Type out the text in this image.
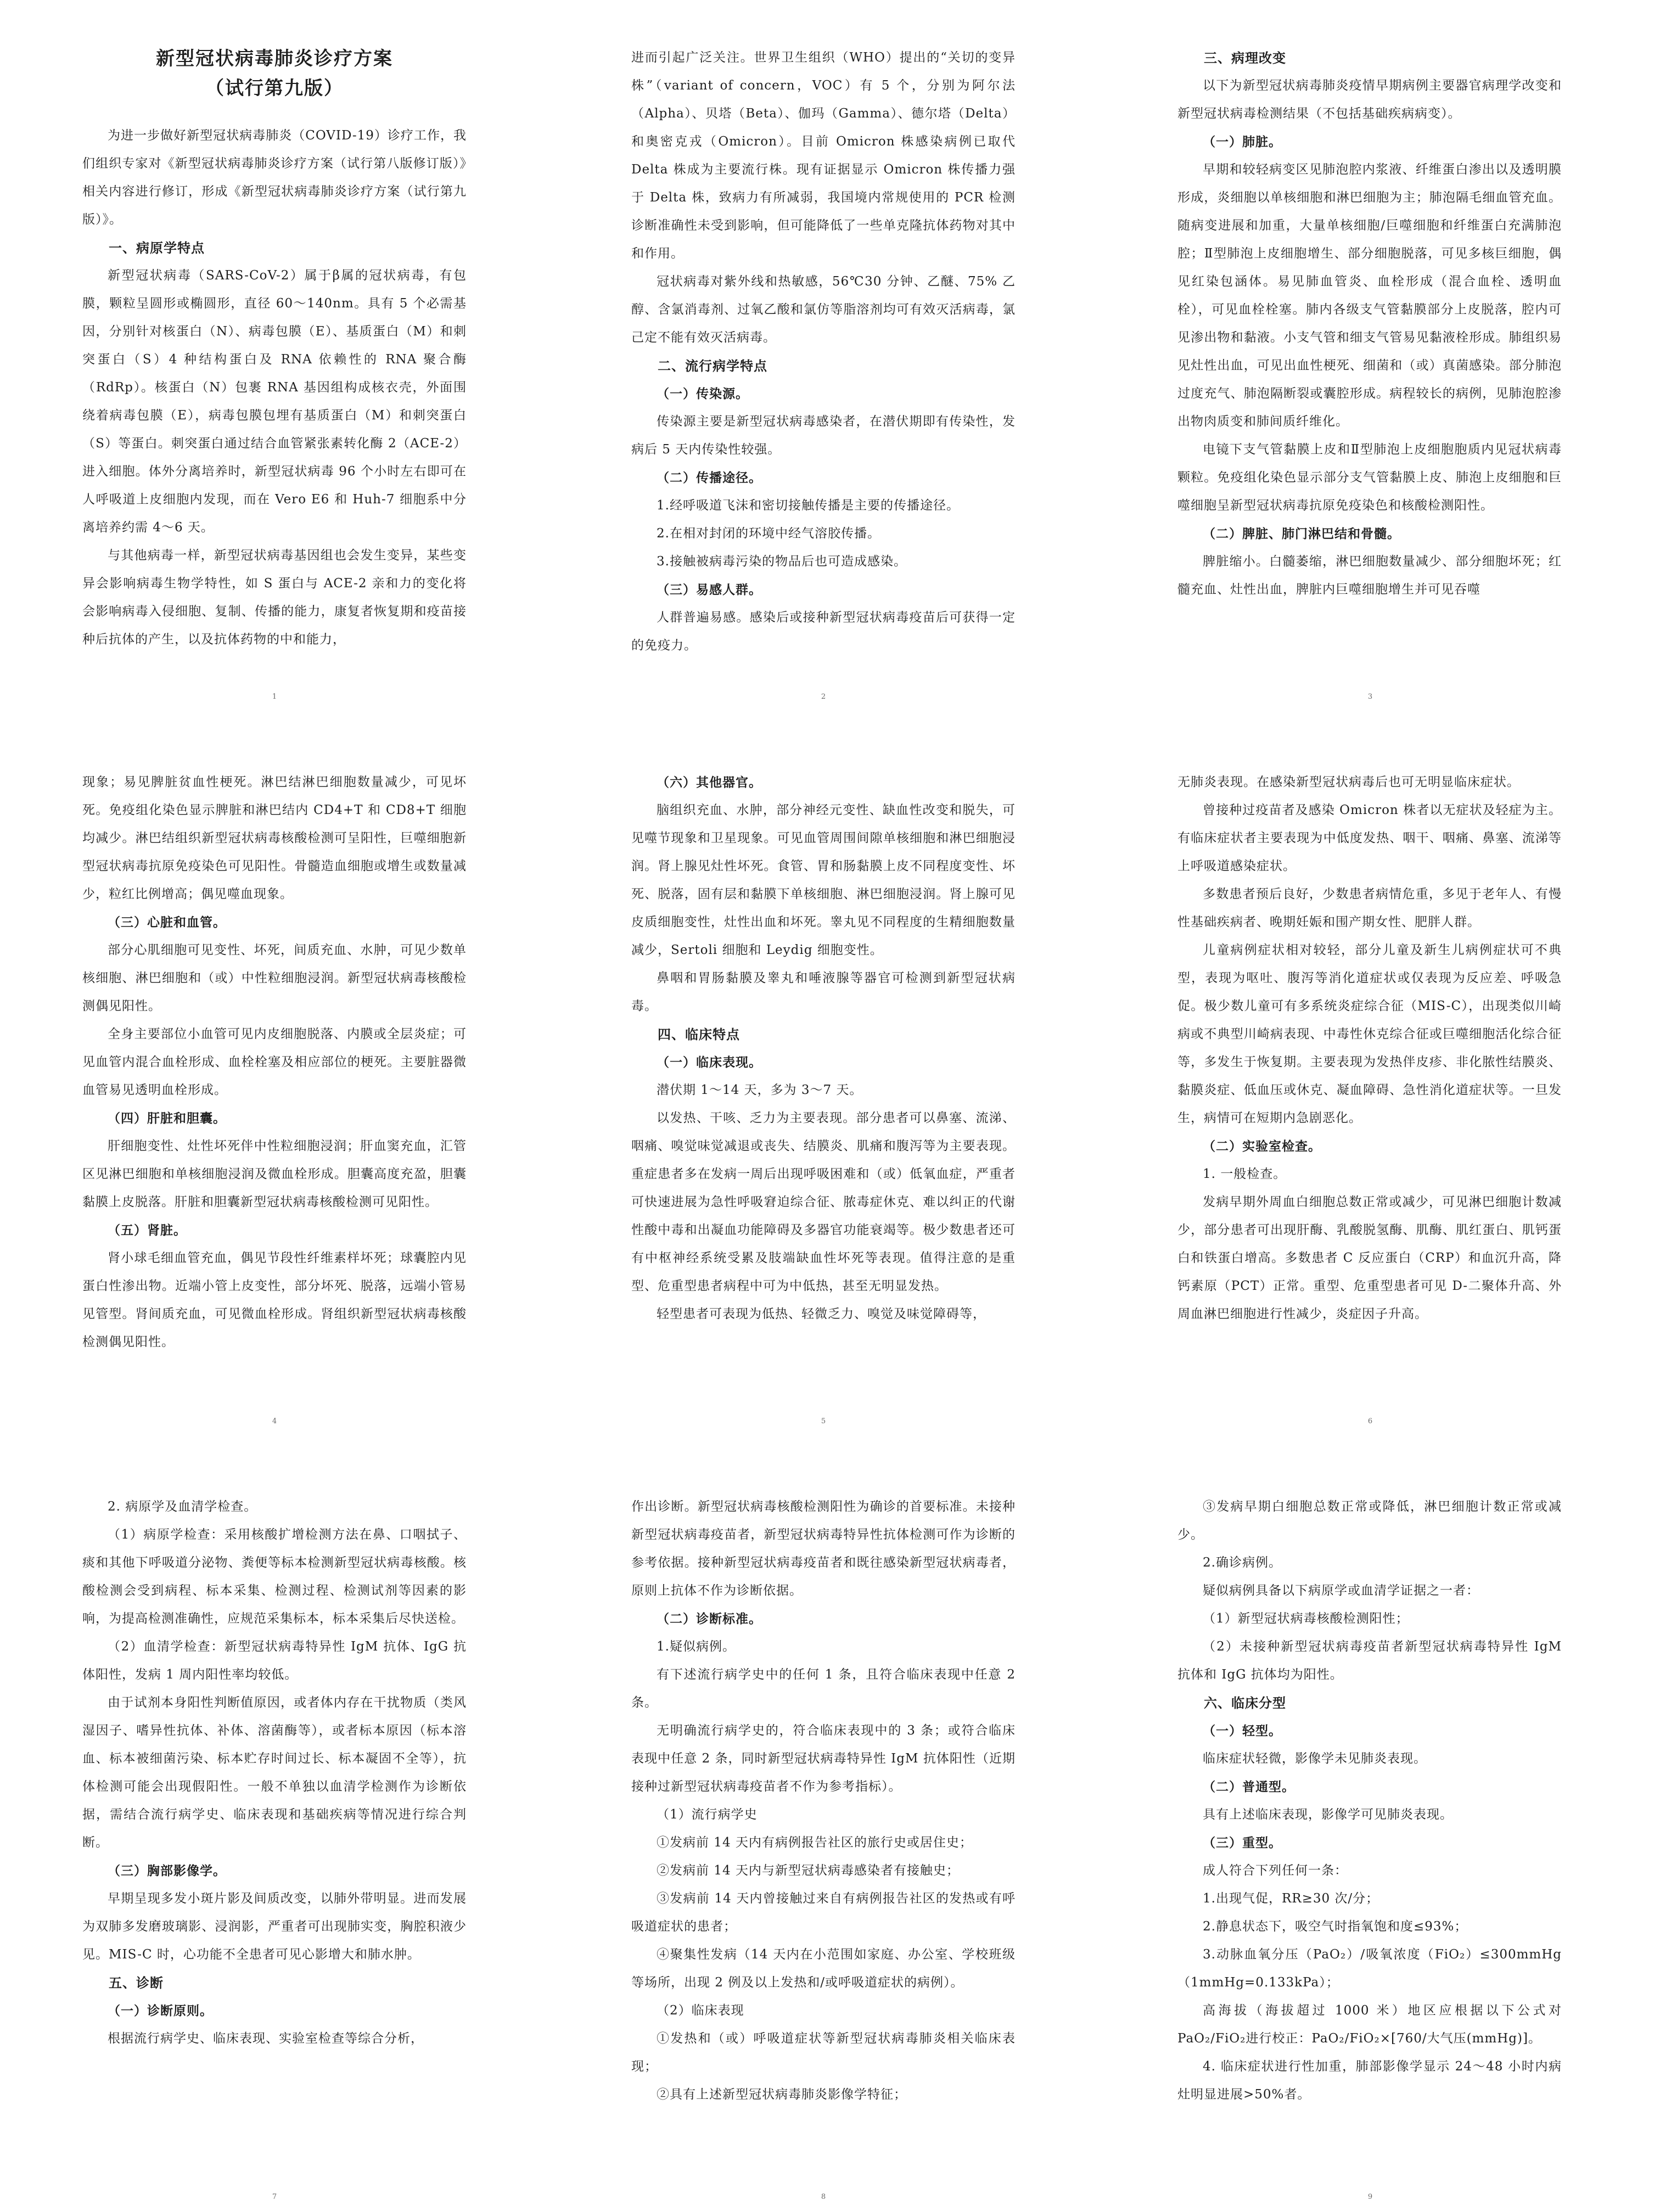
新型冠状病毒肺炎诊疗方案
（试行第九版）

为进一步做好新型冠状病毒肺炎（COVID-19）诊疗工作，我们组织专家对《新型冠状病毒肺炎诊疗方案（试行第八版修订版）》相关内容进行修订，形成《新型冠状病毒肺炎诊疗方案（试行第九版）》。

一、病原学特点

新型冠状病毒（SARS-CoV-2）属于β属的冠状病毒，有包膜，颗粒呈圆形或椭圆形，直径 60～140nm。具有 5 个必需基因，分别针对核蛋白（N）、病毒包膜（E）、基质蛋白（M）和刺突蛋白（S）4 种结构蛋白及 RNA 依赖性的 RNA 聚合酶（RdRp）。核蛋白（N）包裹 RNA 基因组构成核衣壳，外面围绕着病毒包膜（E），病毒包膜包埋有基质蛋白（M）和刺突蛋白（S）等蛋白。刺突蛋白通过结合血管紧张素转化酶 2（ACE-2）进入细胞。体外分离培养时，新型冠状病毒 96 个小时左右即可在人呼吸道上皮细胞内发现，而在 Vero E6 和 Huh-7 细胞系中分离培养约需 4～6 天。

与其他病毒一样，新型冠状病毒基因组也会发生变异，某些变异会影响病毒生物学特性，如 S 蛋白与 ACE-2 亲和力的变化将会影响病毒入侵细胞、复制、传播的能力，康复者恢复期和疫苗接种后抗体的产生，以及抗体药物的中和能力，

1

进而引起广泛关注。世界卫生组织（WHO）提出的“关切的变异株”（variant of concern，VOC）有 5 个，分别为阿尔法（Alpha）、贝塔（Beta）、伽玛（Gamma）、德尔塔（Delta）和奥密克戎（Omicron）。目前 Omicron 株感染病例已取代 Delta 株成为主要流行株。现有证据显示 Omicron 株传播力强于 Delta 株，致病力有所减弱，我国境内常规使用的 PCR 检测诊断准确性未受到影响，但可能降低了一些单克隆抗体药物对其中和作用。

冠状病毒对紫外线和热敏感，56℃30 分钟、乙醚、75% 乙醇、含氯消毒剂、过氧乙酸和氯仿等脂溶剂均可有效灭活病毒，氯己定不能有效灭活病毒。

二、流行病学特点
（一）传染源。

传染源主要是新型冠状病毒感染者，在潜伏期即有传染性，发病后 5 天内传染性较强。

（二）传播途径。

1.经呼吸道飞沫和密切接触传播是主要的传播途径。

2.在相对封闭的环境中经气溶胶传播。

3.接触被病毒污染的物品后也可造成感染。

（三）易感人群。

人群普遍易感。感染后或接种新型冠状病毒疫苗后可获得一定的免疫力。

2
三、病理改变

以下为新型冠状病毒肺炎疫情早期病例主要器官病理学改变和新型冠状病毒检测结果（不包括基础疾病病变）。

（一）肺脏。

早期和较轻病变区见肺泡腔内浆液、纤维蛋白渗出以及透明膜形成，炎细胞以单核细胞和淋巴细胞为主；肺泡隔毛细血管充血。随病变进展和加重，大量单核细胞/巨噬细胞和纤维蛋白充满肺泡腔；Ⅱ型肺泡上皮细胞增生、部分细胞脱落，可见多核巨细胞，偶见红染包涵体。易见肺血管炎、血栓形成（混合血栓、透明血栓），可见血栓栓塞。肺内各级支气管黏膜部分上皮脱落，腔内可见渗出物和黏液。小支气管和细支气管易见黏液栓形成。肺组织易见灶性出血，可见出血性梗死、细菌和（或）真菌感染。部分肺泡过度充气、肺泡隔断裂或囊腔形成。病程较长的病例，见肺泡腔渗出物肉质变和肺间质纤维化。

电镜下支气管黏膜上皮和Ⅱ型肺泡上皮细胞胞质内见冠状病毒颗粒。免疫组化染色显示部分支气管黏膜上皮、肺泡上皮细胞和巨噬细胞呈新型冠状病毒抗原免疫染色和核酸检测阳性。

（二）脾脏、肺门淋巴结和骨髓。

脾脏缩小。白髓萎缩，淋巴细胞数量减少、部分细胞坏死；红髓充血、灶性出血，脾脏内巨噬细胞增生并可见吞噬

3

现象；易见脾脏贫血性梗死。淋巴结淋巴细胞数量减少，可见坏死。免疫组化染色显示脾脏和淋巴结内 CD4+T 和 CD8+T 细胞均减少。淋巴结组织新型冠状病毒核酸检测可呈阳性，巨噬细胞新型冠状病毒抗原免疫染色可见阳性。骨髓造血细胞或增生或数量减少，粒红比例增高；偶见噬血现象。

（三）心脏和血管。

部分心肌细胞可见变性、坏死，间质充血、水肿，可见少数单核细胞、淋巴细胞和（或）中性粒细胞浸润。新型冠状病毒核酸检测偶见阳性。

全身主要部位小血管可见内皮细胞脱落、内膜或全层炎症；可见血管内混合血栓形成、血栓栓塞及相应部位的梗死。主要脏器微血管易见透明血栓形成。

（四）肝脏和胆囊。

肝细胞变性、灶性坏死伴中性粒细胞浸润；肝血窦充血，汇管区见淋巴细胞和单核细胞浸润及微血栓形成。胆囊高度充盈，胆囊黏膜上皮脱落。肝脏和胆囊新型冠状病毒核酸检测可见阳性。

（五）肾脏。

肾小球毛细血管充血，偶见节段性纤维素样坏死；球囊腔内见蛋白性渗出物。近端小管上皮变性，部分坏死、脱落，远端小管易见管型。肾间质充血，可见微血栓形成。肾组织新型冠状病毒核酸检测偶见阳性。

4
（六）其他器官。

脑组织充血、水肿，部分神经元变性、缺血性改变和脱失，可见噬节现象和卫星现象。可见血管周围间隙单核细胞和淋巴细胞浸润。肾上腺见灶性坏死。食管、胃和肠黏膜上皮不同程度变性、坏死、脱落，固有层和黏膜下单核细胞、淋巴细胞浸润。肾上腺可见皮质细胞变性，灶性出血和坏死。睾丸见不同程度的生精细胞数量减少，Sertoli 细胞和 Leydig 细胞变性。

鼻咽和胃肠黏膜及睾丸和唾液腺等器官可检测到新型冠状病毒。

四、临床特点
（一）临床表现。

潜伏期 1～14 天，多为 3～7 天。

以发热、干咳、乏力为主要表现。部分患者可以鼻塞、流涕、咽痛、嗅觉味觉减退或丧失、结膜炎、肌痛和腹泻等为主要表现。重症患者多在发病一周后出现呼吸困难和（或）低氧血症，严重者可快速进展为急性呼吸窘迫综合征、脓毒症休克、难以纠正的代谢性酸中毒和出凝血功能障碍及多器官功能衰竭等。极少数患者还可有中枢神经系统受累及肢端缺血性坏死等表现。值得注意的是重型、危重型患者病程中可为中低热，甚至无明显发热。

轻型患者可表现为低热、轻微乏力、嗅觉及味觉障碍等，

5

无肺炎表现。在感染新型冠状病毒后也可无明显临床症状。

曾接种过疫苗者及感染 Omicron 株者以无症状及轻症为主。有临床症状者主要表现为中低度发热、咽干、咽痛、鼻塞、流涕等上呼吸道感染症状。

多数患者预后良好，少数患者病情危重，多见于老年人、有慢性基础疾病者、晚期妊娠和围产期女性、肥胖人群。

儿童病例症状相对较轻，部分儿童及新生儿病例症状可不典型，表现为呕吐、腹泻等消化道症状或仅表现为反应差、呼吸急促。极少数儿童可有多系统炎症综合征（MIS-C），出现类似川崎病或不典型川崎病表现、中毒性休克综合征或巨噬细胞活化综合征等，多发生于恢复期。主要表现为发热伴皮疹、非化脓性结膜炎、黏膜炎症、低血压或休克、凝血障碍、急性消化道症状等。一旦发生，病情可在短期内急剧恶化。

（二）实验室检查。

1. 一般检查。

发病早期外周血白细胞总数正常或减少，可见淋巴细胞计数减少，部分患者可出现肝酶、乳酸脱氢酶、肌酶、肌红蛋白、肌钙蛋白和铁蛋白增高。多数患者 C 反应蛋白（CRP）和血沉升高，降钙素原（PCT）正常。重型、危重型患者可见 D-二聚体升高、外周血淋巴细胞进行性减少，炎症因子升高。

6

2. 病原学及血清学检查。

（1）病原学检查：采用核酸扩增检测方法在鼻、口咽拭子、痰和其他下呼吸道分泌物、粪便等标本检测新型冠状病毒核酸。核酸检测会受到病程、标本采集、检测过程、检测试剂等因素的影响，为提高检测准确性，应规范采集标本，标本采集后尽快送检。

（2）血清学检查：新型冠状病毒特异性 IgM 抗体、IgG 抗体阳性，发病 1 周内阳性率均较低。

由于试剂本身阳性判断值原因，或者体内存在干扰物质（类风湿因子、嗜异性抗体、补体、溶菌酶等），或者标本原因（标本溶血、标本被细菌污染、标本贮存时间过长、标本凝固不全等），抗体检测可能会出现假阳性。一般不单独以血清学检测作为诊断依据，需结合流行病学史、临床表现和基础疾病等情况进行综合判断。

（三）胸部影像学。

早期呈现多发小斑片影及间质改变，以肺外带明显。进而发展为双肺多发磨玻璃影、浸润影，严重者可出现肺实变，胸腔积液少见。MIS-C 时，心功能不全患者可见心影增大和肺水肿。

五、诊断
（一）诊断原则。

根据流行病学史、临床表现、实验室检查等综合分析，

7

作出诊断。新型冠状病毒核酸检测阳性为确诊的首要标准。未接种新型冠状病毒疫苗者，新型冠状病毒特异性抗体检测可作为诊断的参考依据。接种新型冠状病毒疫苗者和既往感染新型冠状病毒者，原则上抗体不作为诊断依据。

（二）诊断标准。

1.疑似病例。

有下述流行病学史中的任何 1 条，且符合临床表现中任意 2 条。

无明确流行病学史的，符合临床表现中的 3 条；或符合临床表现中任意 2 条，同时新型冠状病毒特异性 IgM 抗体阳性（近期接种过新型冠状病毒疫苗者不作为参考指标）。

（1）流行病学史

①发病前 14 天内有病例报告社区的旅行史或居住史；

②发病前 14 天内与新型冠状病毒感染者有接触史；

③发病前 14 天内曾接触过来自有病例报告社区的发热或有呼吸道症状的患者；

④聚集性发病（14 天内在小范围如家庭、办公室、学校班级等场所，出现 2 例及以上发热和/或呼吸道症状的病例）。

（2）临床表现

①发热和（或）呼吸道症状等新型冠状病毒肺炎相关临床表现；

②具有上述新型冠状病毒肺炎影像学特征；

8

③发病早期白细胞总数正常或降低，淋巴细胞计数正常或减少。

2.确诊病例。

疑似病例具备以下病原学或血清学证据之一者：

（1）新型冠状病毒核酸检测阳性；

（2）未接种新型冠状病毒疫苗者新型冠状病毒特异性 IgM 抗体和 IgG 抗体均为阳性。

六、临床分型
（一）轻型。

临床症状轻微，影像学未见肺炎表现。

（二）普通型。

具有上述临床表现，影像学可见肺炎表现。

（三）重型。

成人符合下列任何一条：

1.出现气促，RR≥30 次/分；

2.静息状态下，吸空气时指氧饱和度≤93%；

3.动脉血氧分压（PaO₂）/吸氧浓度（FiO₂）≤300mmHg（1mmHg=0.133kPa）；

高海拔（海拔超过 1000 米）地区应根据以下公式对 PaO₂/FiO₂进行校正：PaO₂/FiO₂×[760/大气压(mmHg)]。

4. 临床症状进行性加重，肺部影像学显示 24～48 小时内病灶明显进展>50%者。

9
